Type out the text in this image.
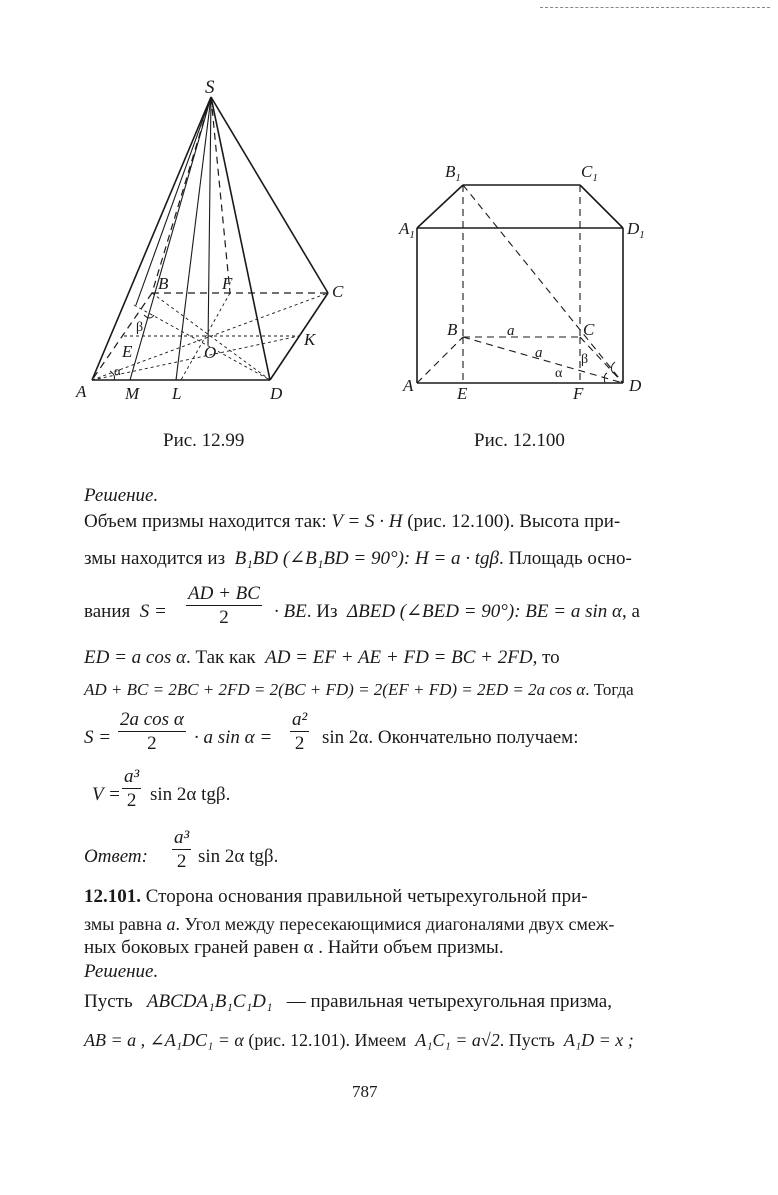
S
B	F	C
E	O
K
A M L	D
α
β
Рис. 12.99
$B_1$	$C_1$
$A_1$	$D_1$
B	C
A	E	F	D
a
a
α
β
Рис. 12.100
Решение.
Объем призмы находится так: V = S · H (рис. 12.100). Высота при-
змы находится из B₁BD (∠B₁BD = 90°): H = a · tgβ. Площадь осно-
вания $S = \frac{AD + BC}{2}$ · BE. Из ΔBED (∠BED = 90°): BE = a sin α, а
ED = a cos α. Так как AD = EF + AE + FD = BC + 2FD, то
AD + BC = 2BC + 2FD = 2(BC + FD) = 2(EF + FD) = 2ED = 2a cos α. Тогда
$S = \frac{\text{2a cos α}}{2} \cdot a$ $\sin \alpha = \frac{\text{a²}}{2}$ sin 2α. Окончательно получаем:
$V = \frac{\text{a³}}{2}$ sin 2α tgβ.
Ответ: $\frac{\text{a³}}{2}$ sin 2α tgβ.
12.101. Сторона основания правильной четырехугольной при-
змы равна a. Угол между пересекающимися диагоналями двух смеж-
ных боковых граней равен α . Найти объем призмы.
Решение.
Пусть ABCDA₁B₁C₁D₁ — правильная четырехугольная призма,
AB = a , ∠A₁DC₁ = α (рис. 12.101). Имеем A₁C₁ = a√2. Пусть A₁D = x ;
787
